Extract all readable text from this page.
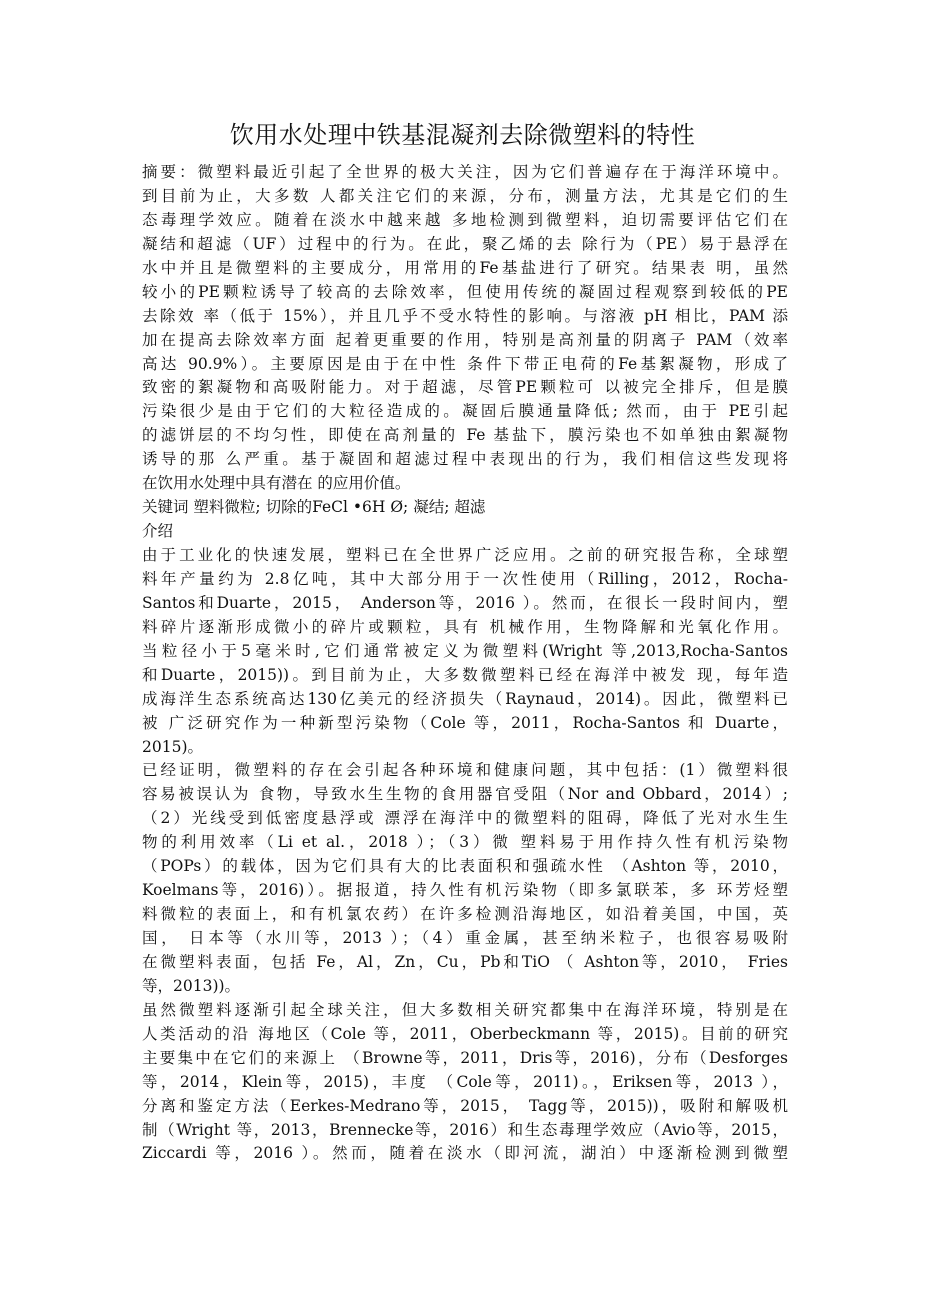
饮用水处理中铁基混凝剂去除微塑料的特性
摘要：微塑料最近引起了全世界的极大关注，因为它们普遍存在于海洋环境中。
到目前为止，大多数 人都关注它们的来源，分布，测量方法，尤其是它们的生
态毒理学效应。随着在淡水中越来越 多地检测到微塑料，迫切需要评估它们在
凝结和超滤（UF）过程中的行为。在此，聚乙烯的去 除行为（PE）易于悬浮在
水中并且是微塑料的主要成分，用常用的Fe基盐进行了研究。结果表 明，虽然
较小的PE颗粒诱导了较高的去除效率，但使用传统的凝固过程观察到较低的PE
去除效 率（低于 15%），并且几乎不受水特性的影响。与溶液 pH 相比，PAM 添
加在提高去除效率方面 起着更重要的作用，特别是高剂量的阴离子 PAM（效率
高达 90.9%）。主要原因是由于在中性 条件下带正电荷的Fe基絮凝物，形成了
致密的絮凝物和高吸附能力。对于超滤，尽管PE颗粒可 以被完全排斥，但是膜
污染很少是由于它们的大粒径造成的。凝固后膜通量降低; 然而，由于 PE引起
的滤饼层的不均匀性，即使在高剂量的 Fe 基盐下，膜污染也不如单独由絮凝物
诱导的那 么严重。基于凝固和超滤过程中表现出的行为，我们相信这些发现将
在饮用水处理中具有潜在 的应用价值。
关键词 塑料微粒; 切除的FeCl •6H Ø; 凝结; 超滤
介绍
由于工业化的快速发展，塑料已在全世界广泛应用。之前的研究报告称，全球塑
料年产量约为 2.8亿吨，其中大部分用于一次性使用（Rilling，2012，Rocha-
Santos和Duarte，2015， Anderson等，2016 ）。然而，在很长一段时间内，塑
料碎片逐渐形成微小的碎片或颗粒，具有 机械作用，生物降解和光氧化作用。
当粒径小于5毫米时,它们通常被定义为微塑料(Wright 等,2013,Rocha-Santos
和Duarte，2015))。到目前为止，大多数微塑料已经在海洋中被发 现，每年造
成海洋生态系统高达130亿美元的经济损失（Raynaud，2014)。因此，微塑料已
被 广泛研究作为一种新型污染物（Cole 等，2011，Rocha-Santos 和 Duarte，
2015)。
已经证明，微塑料的存在会引起各种环境和健康问题，其中包括：(1）微塑料很
容易被误认为 食物，导致水生生物的食用器官受阻（Nor and Obbard，2014）;
（2）光线受到低密度悬浮或 漂浮在海洋中的微塑料的阻碍，降低了光对水生生
物的利用效率（Li et al.，2018 ）；（3）微 塑料易于用作持久性有机污染物
（POPs）的载体，因为它们具有大的比表面积和强疏水性 （Ashton 等，2010，
Koelmans等，2016)）。据报道，持久性有机污染物（即多氯联苯，多 环芳烃塑
料微粒的表面上，和有机氯农药）在许多检测沿海地区，如沿着美国，中国，英
国， 日本等（水川等，2013 ）；（4）重金属，甚至纳米粒子，也很容易吸附
在微塑料表面，包括 Fe，Al，Zn，Cu，Pb和TiO （ Ashton等，2010， Fries
等，2013))。
虽然微塑料逐渐引起全球关注，但大多数相关研究都集中在海洋环境，特别是在
人类活动的沿 海地区（Cole 等，2011，Oberbeckmann 等，2015)。目前的研究
主要集中在它们的来源上 （Browne等，2011，Dris等，2016)，分布（Desforges
等，2014，Klein等，2015)，丰度 （Cole等，2011)。，Eriksen等，2013 ），
分离和鉴定方法（Eerkes-Medrano等，2015， Tagg等，2015))，吸附和解吸机
制（Wright 等，2013，Brennecke等，2016）和生态毒理学效应（Avio等，2015，
Ziccardi 等，2016 ）。然而，随着在淡水（即河流，湖泊）中逐渐检测到微塑
